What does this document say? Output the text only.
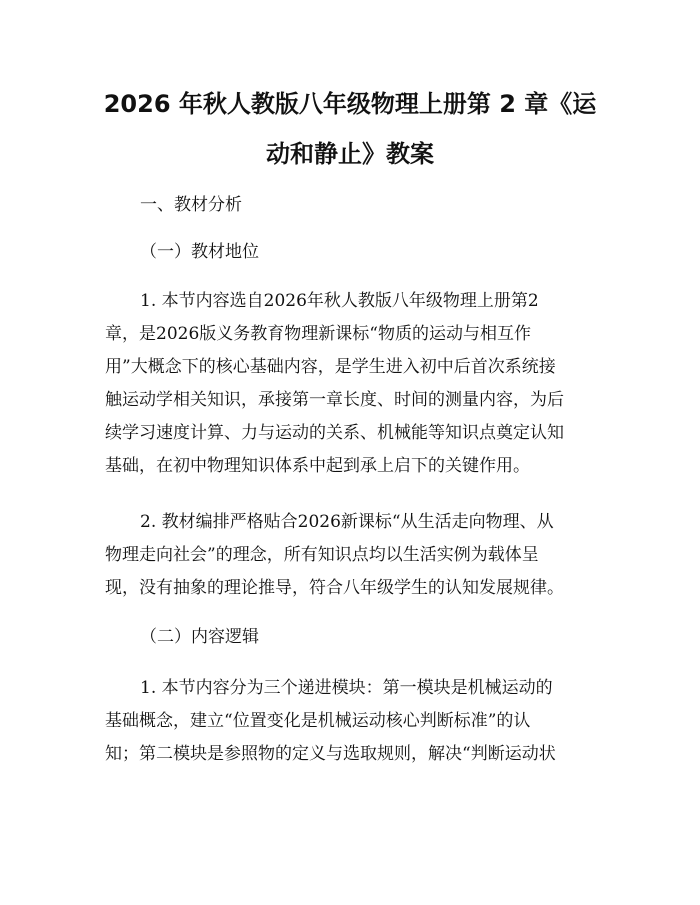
2026 年秋人教版八年级物理上册第 2 章《运
动和静止》教案

一、教材分析

（一）教材地位

1. 本节内容选自2026年秋人教版八年级物理上册第2

章，是2026版义务教育物理新课标“物质的运动与相互作

用”大概念下的核心基础内容，是学生进入初中后首次系统接

触运动学相关知识，承接第一章长度、时间的测量内容，为后

续学习速度计算、力与运动的关系、机械能等知识点奠定认知

基础，在初中物理知识体系中起到承上启下的关键作用。

2. 教材编排严格贴合2026新课标“从生活走向物理、从

物理走向社会”的理念，所有知识点均以生活实例为载体呈

现，没有抽象的理论推导，符合八年级学生的认知发展规律。

（二）内容逻辑

1. 本节内容分为三个递进模块：第一模块是机械运动的

基础概念，建立“位置变化是机械运动核心判断标准”的认

知；第二模块是参照物的定义与选取规则，解决“判断运动状
